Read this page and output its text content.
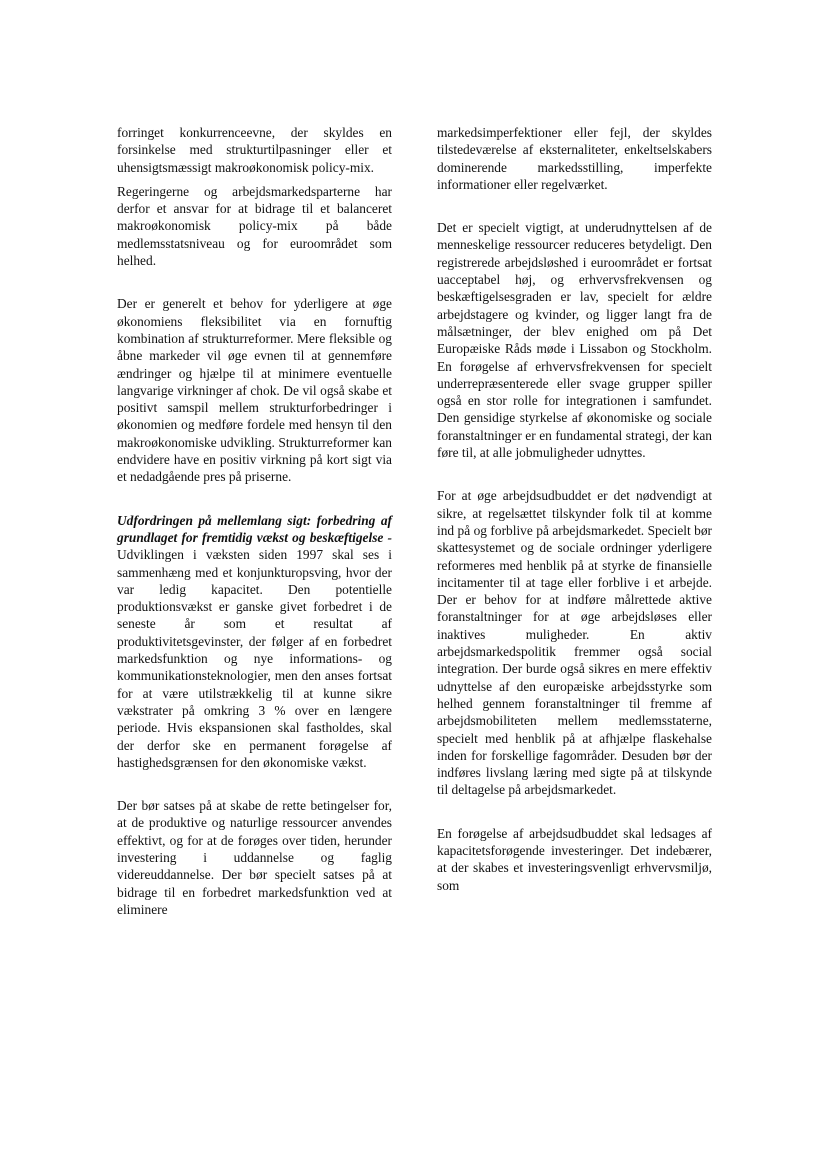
forringet konkurrenceevne, der skyldes en forsinkelse med strukturtilpasninger eller et uhensigtsmæssigt makroøkonomisk policy-mix.

Regeringerne og arbejdsmarkedsparterne har derfor et ansvar for at bidrage til et balanceret makroøkonomisk policy-mix på både medlemsstatsniveau og for euroområdet som helhed.

Der er generelt et behov for yderligere at øge økonomiens fleksibilitet via en fornuftig kombination af strukturreformer. Mere fleksible og åbne markeder vil øge evnen til at gennemføre ændringer og hjælpe til at minimere eventuelle langvarige virkninger af chok. De vil også skabe et positivt samspil mellem strukturforbedringer i økonomien og medføre fordele med hensyn til den makroøkonomiske udvikling. Strukturreformer kan endvidere have en positiv virkning på kort sigt via et nedadgående pres på priserne.

Udfordringen på mellemlang sigt: forbedring af grundlaget for fremtidig vækst og beskæftigelse - Udviklingen i væksten siden 1997 skal ses i sammenhæng med et konjunkturopsving, hvor der var ledig kapacitet. Den potentielle produktionsvækst er ganske givet forbedret i de seneste år som et resultat af produktivitetsgevinster, der følger af en forbedret markedsfunktion og nye informations- og kommunikationsteknologier, men den anses fortsat for at være utilstrækkelig til at kunne sikre vækstrater på omkring 3 % over en længere periode. Hvis ekspansionen skal fastholdes, skal der derfor ske en permanent forøgelse af hastighedsgrænsen for den økonomiske vækst.

Der bør satses på at skabe de rette betingelser for, at de produktive og naturlige ressourcer anvendes effektivt, og for at de forøges over tiden, herunder investering i uddannelse og faglig videreuddannelse. Der bør specielt satses på at bidrage til en forbedret markedsfunktion ved at eliminere

markedsimperfektioner eller fejl, der skyldes tilstedeværelse af eksternaliteter, enkeltselskabers dominerende markedsstilling, imperfekte informationer eller regelværket.

Det er specielt vigtigt, at underudnyttelsen af de menneskelige ressourcer reduceres betydeligt. Den registrerede arbejdsløshed i euroområdet er fortsat uacceptabel høj, og erhvervsfrekvensen og beskæftigelsesgraden er lav, specielt for ældre arbejdstagere og kvinder, og ligger langt fra de målsætninger, der blev enighed om på Det Europæiske Råds møde i Lissabon og Stockholm. En forøgelse af erhvervsfrekvensen for specielt underrepræsenterede eller svage grupper spiller også en stor rolle for integrationen i samfundet. Den gensidige styrkelse af økonomiske og sociale foranstaltninger er en fundamental strategi, der kan føre til, at alle jobmuligheder udnyttes.

For at øge arbejdsudbuddet er det nødvendigt at sikre, at regelsættet tilskynder folk til at komme ind på og forblive på arbejdsmarkedet. Specielt bør skattesystemet og de sociale ordninger yderligere reformeres med henblik på at styrke de finansielle incitamenter til at tage eller forblive i et arbejde. Der er behov for at indføre målrettede aktive foranstaltninger for at øge arbejdsløses eller inaktives muligheder. En aktiv arbejdsmarkedspolitik fremmer også social integration. Der burde også sikres en mere effektiv udnyttelse af den europæiske arbejdsstyrke som helhed gennem foranstaltninger til fremme af arbejdsmobiliteten mellem medlemsstaterne, specielt med henblik på at afhjælpe flaskehalse inden for forskellige fagområder. Desuden bør der indføres livslang læring med sigte på at tilskynde til deltagelse på arbejdsmarkedet.

En forøgelse af arbejdsudbuddet skal ledsages af kapacitetsforøgende investeringer. Det indebærer, at der skabes et investeringsvenligt erhvervsmiljø, som
